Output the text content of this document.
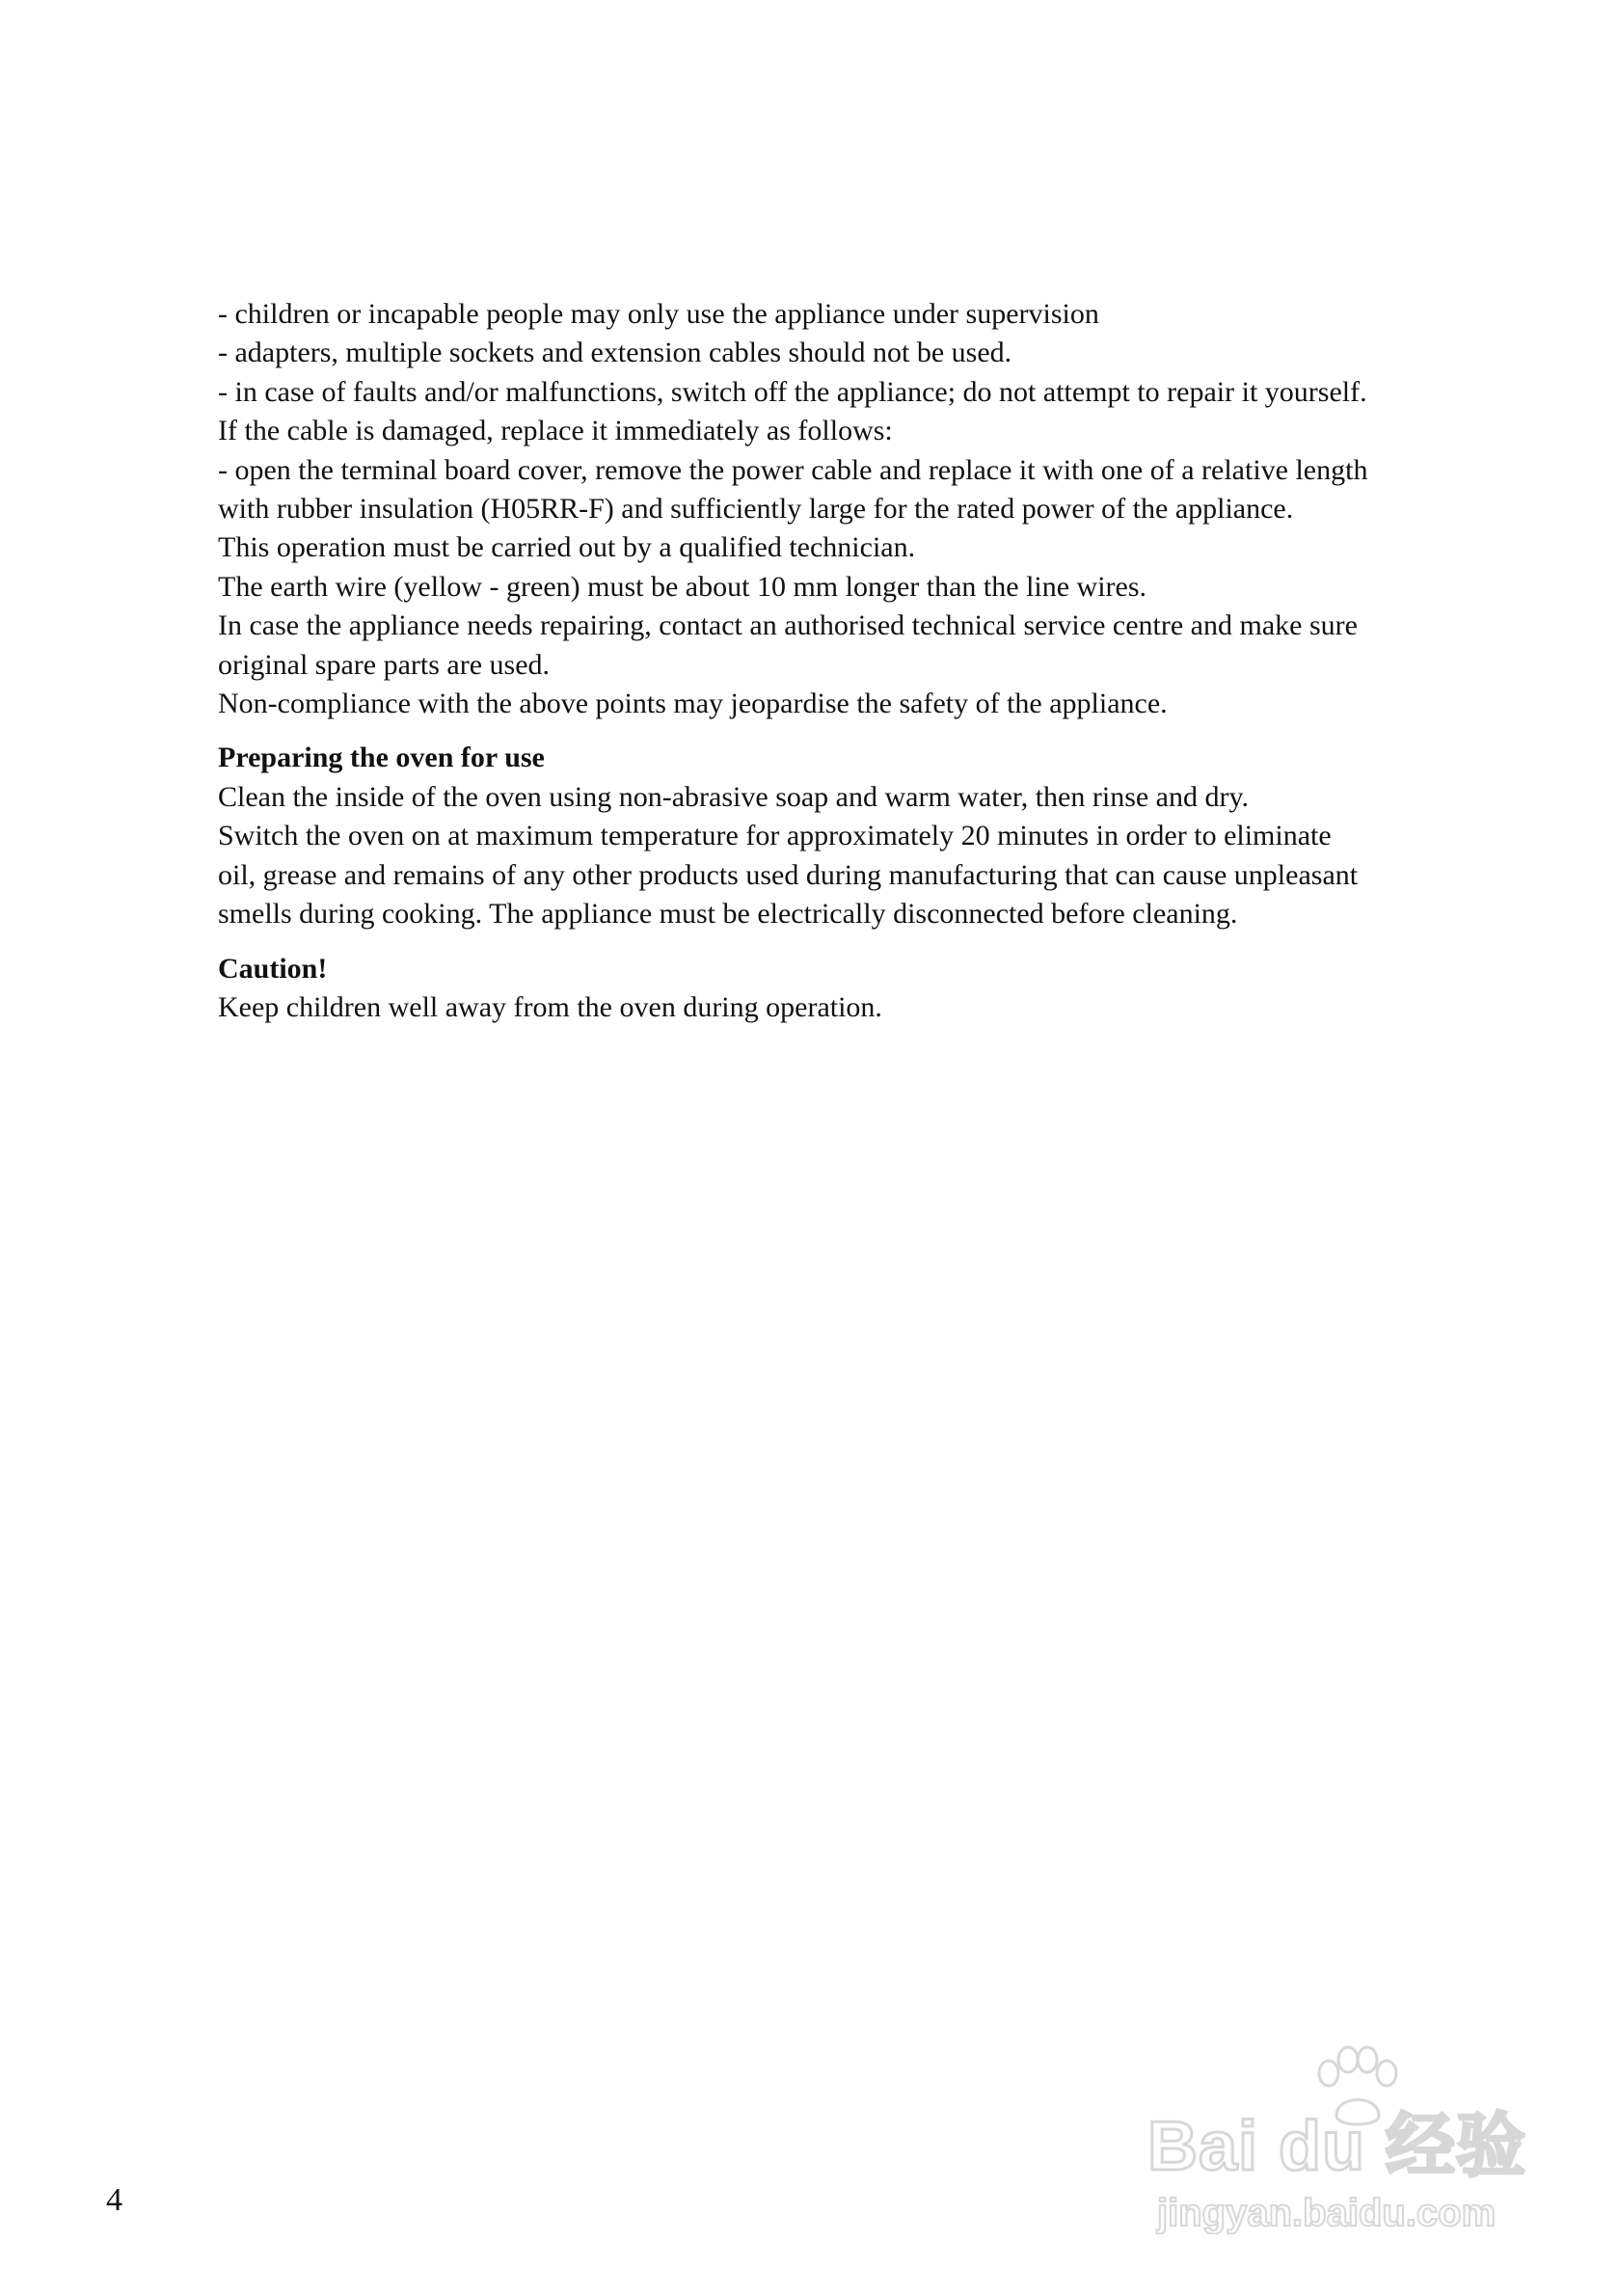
- children or incapable people may only use the appliance under supervision

- adapters, multiple sockets and extension cables should not be used.

- in case of faults and/or malfunctions, switch off the appliance; do not attempt to repair it yourself.

If the cable is damaged, replace it immediately as follows:

- open the terminal board cover, remove the power cable and replace it with one of a relative length

with rubber insulation (H05RR-F) and sufficiently large for the rated power of the appliance.

This operation must be carried out by a qualified technician.

The earth wire (yellow - green) must be about 10 mm longer than the line wires.

In case the appliance needs repairing, contact an authorised technical service centre and make sure

original spare parts are used.

Non-compliance with the above points may jeopardise the safety of the appliance.

Preparing the oven for use

Clean the inside of the oven using non-abrasive soap and warm water, then rinse and dry.

Switch the oven on at maximum temperature for approximately 20 minutes in order to eliminate

oil, grease and remains of any other products used during manufacturing that can cause unpleasant

smells during cooking. The appliance must be electrically disconnected before cleaning.

Caution!

Keep children well away from the oven during operation.

4
Bai du 经验
jingyan.baidu.com
